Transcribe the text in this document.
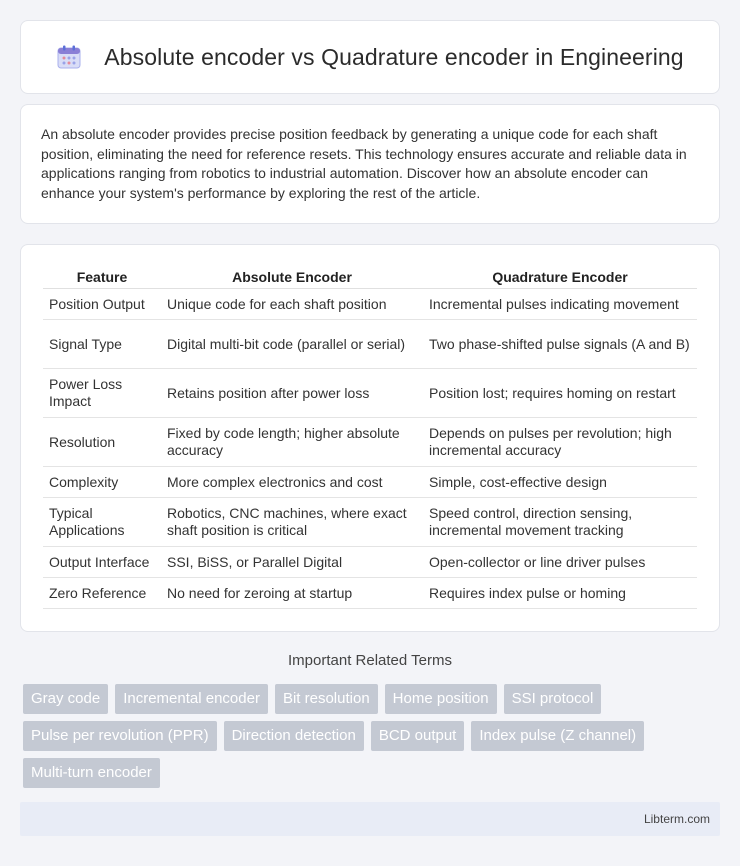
Absolute encoder vs Quadrature encoder in Engineering

An absolute encoder provides precise position feedback by generating a unique code for each shaft position, eliminating the need for reference resets. This technology ensures accurate and reliable data in applications ranging from robotics to industrial automation. Discover how an absolute encoder can enhance your system's performance by exploring the rest of the article.

Feature	Absolute Encoder	Quadrature Encoder
Position Output	Unique code for each shaft position	Incremental pulses indicating movement
Signal Type	Digital multi-bit code (parallel or serial)	Two phase-shifted pulse signals (A and B)
Power Loss Impact	Retains position after power loss	Position lost; requires homing on restart
Resolution	Fixed by code length; higher absolute accuracy	Depends on pulses per revolution; high incremental accuracy
Complexity	More complex electronics and cost	Simple, cost-effective design
Typical Applications	Robotics, CNC machines, where exact shaft position is critical	Speed control, direction sensing, incremental movement tracking
Output Interface	SSI, BiSS, or Parallel Digital	Open-collector or line driver pulses
Zero Reference	No need for zeroing at startup	Requires index pulse or homing
Important Related Terms
Gray code	Incremental encoder	Bit resolution	Home position	SSI protocol
Pulse per revolution (PPR)	Direction detection	BCD output	Index pulse (Z channel)
Multi-turn encoder
Libterm.com
